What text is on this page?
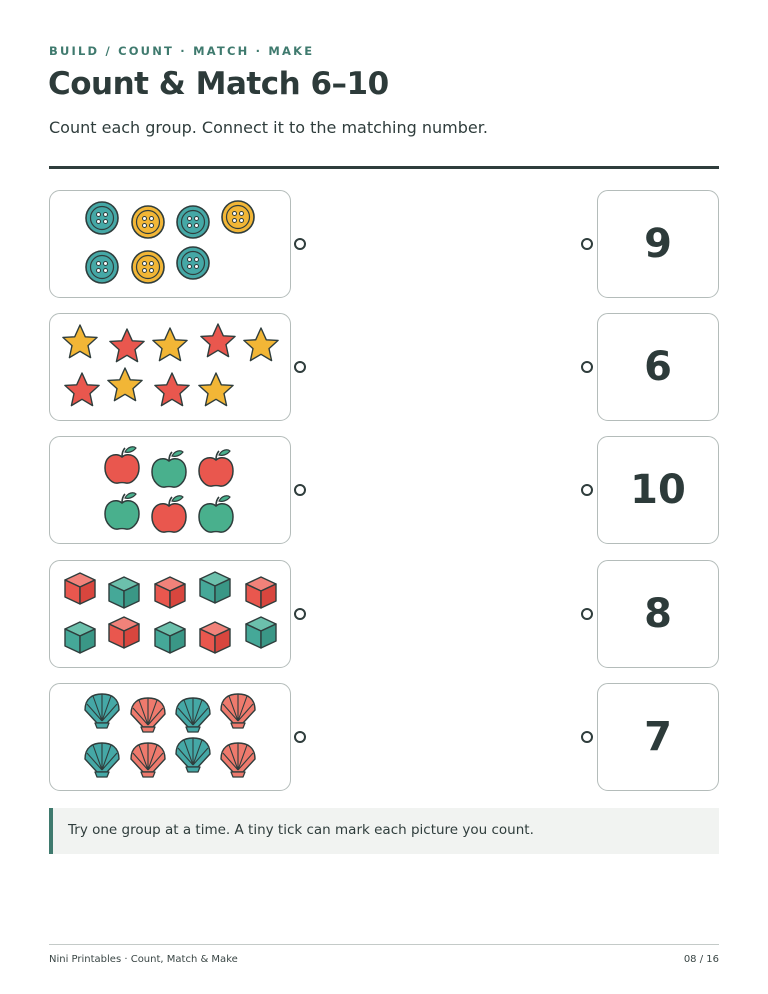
BUILD / COUNT · MATCH · MAKE
Count & Match 6–10
Count each group. Connect it to the matching number.
9
6
10
8
7
Try one group at a time. A tiny tick can mark each picture you count.
Nini Printables · Count, Match & Make	08 / 16
